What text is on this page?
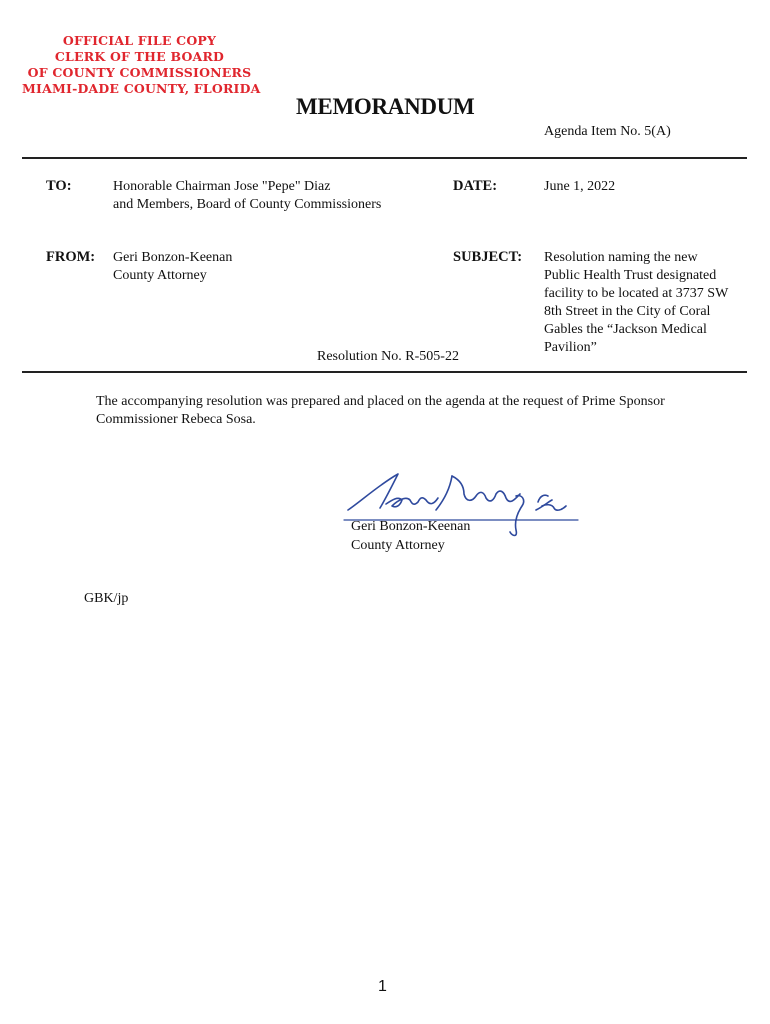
OFFICIAL FILE COPY
CLERK OF THE BOARD
OF COUNTY COMMISSIONERS
MIAMI-DADE COUNTY, FLORIDA
MEMORANDUM
Agenda Item No. 5(A)
TO:	Honorable Chairman Jose "Pepe" Diaz
and Members, Board of County Commissioners
DATE:	June 1, 2022
FROM: Geri Bonzon-Keenan
County Attorney
SUBJECT: Resolution naming the new
Public Health Trust designated
facility to be located at 3737 SW
8th Street in the City of Coral
Gables the “Jackson Medical
Pavilion”
Resolution No. R-505-22
The accompanying resolution was prepared and placed on the agenda at the request of Prime Sponsor
Commissioner Rebeca Sosa.
Geri Bonzon-Keenan
County Attorney
GBK/jp
1
